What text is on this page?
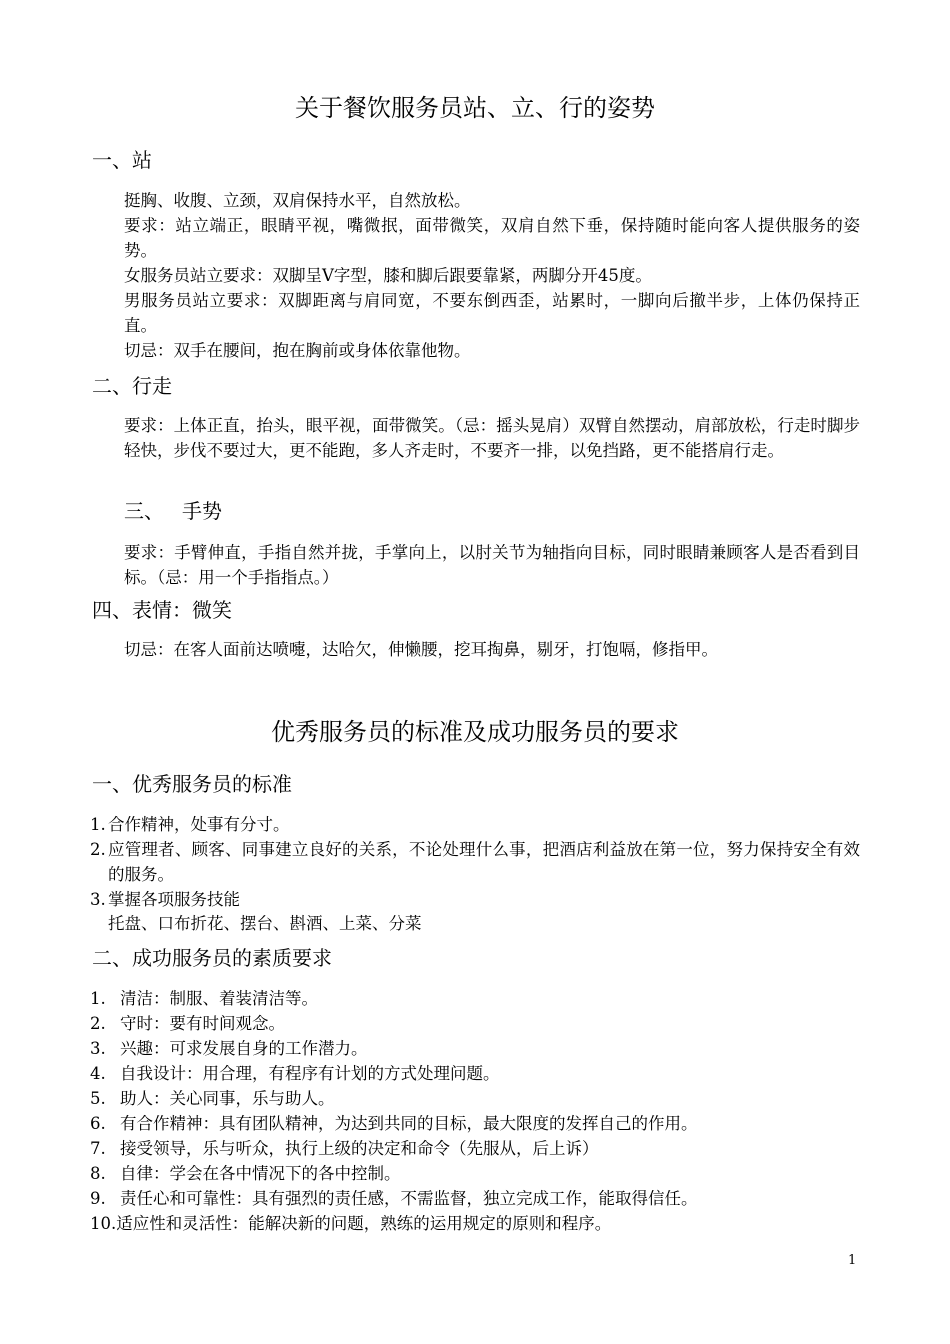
关于餐饮服务员站、立、行的姿势
一、站
挺胸、收腹、立颈，双肩保持水平，自然放松。
要求：站立端正，眼睛平视，嘴微抿，面带微笑，双肩自然下垂，保持随时能向客人提供服务的姿势。
女服务员站立要求：双脚呈V字型，膝和脚后跟要靠紧，两脚分开45度。
男服务员站立要求：双脚距离与肩同宽，不要东倒西歪，站累时，一脚向后撤半步，上体仍保持正直。
切忌：双手在腰间，抱在胸前或身体依靠他物。
二、行走
要求：上体正直，抬头，眼平视，面带微笑。（忌：摇头晃肩）双臂自然摆动，肩部放松，行走时脚步轻快，步伐不要过大，更不能跑，多人齐走时，不要齐一排，以免挡路，更不能搭肩行走。
三、 手势
要求：手臂伸直，手指自然并拢，手掌向上，以肘关节为轴指向目标，同时眼睛兼顾客人是否看到目标。（忌：用一个手指指点。）
四、表情：微笑
切忌：在客人面前达喷嚏，达哈欠，伸懒腰，挖耳掏鼻，剔牙，打饱嗝，修指甲。
优秀服务员的标准及成功服务员的要求
一、优秀服务员的标准
1. 合作精神，处事有分寸。
2. 应管理者、顾客、同事建立良好的关系，不论处理什么事，把酒店利益放在第一位，努力保持安全有效的服务。
3. 掌握各项服务技能
托盘、口布折花、摆台、斟酒、上菜、分菜
二、成功服务员的素质要求
1. 清洁：制服、着装清洁等。
2. 守时：要有时间观念。
3. 兴趣：可求发展自身的工作潜力。
4. 自我设计：用合理，有程序有计划的方式处理问题。
5. 助人：关心同事，乐与助人。
6. 有合作精神：具有团队精神，为达到共同的目标，最大限度的发挥自己的作用。
7. 接受领导，乐与听众，执行上级的决定和命令（先服从，后上诉）
8. 自律：学会在各中情况下的各中控制。
9. 责任心和可靠性：具有强烈的责任感，不需监督，独立完成工作，能取得信任。
10.适应性和灵活性：能解决新的问题，熟练的运用规定的原则和程序。
1
